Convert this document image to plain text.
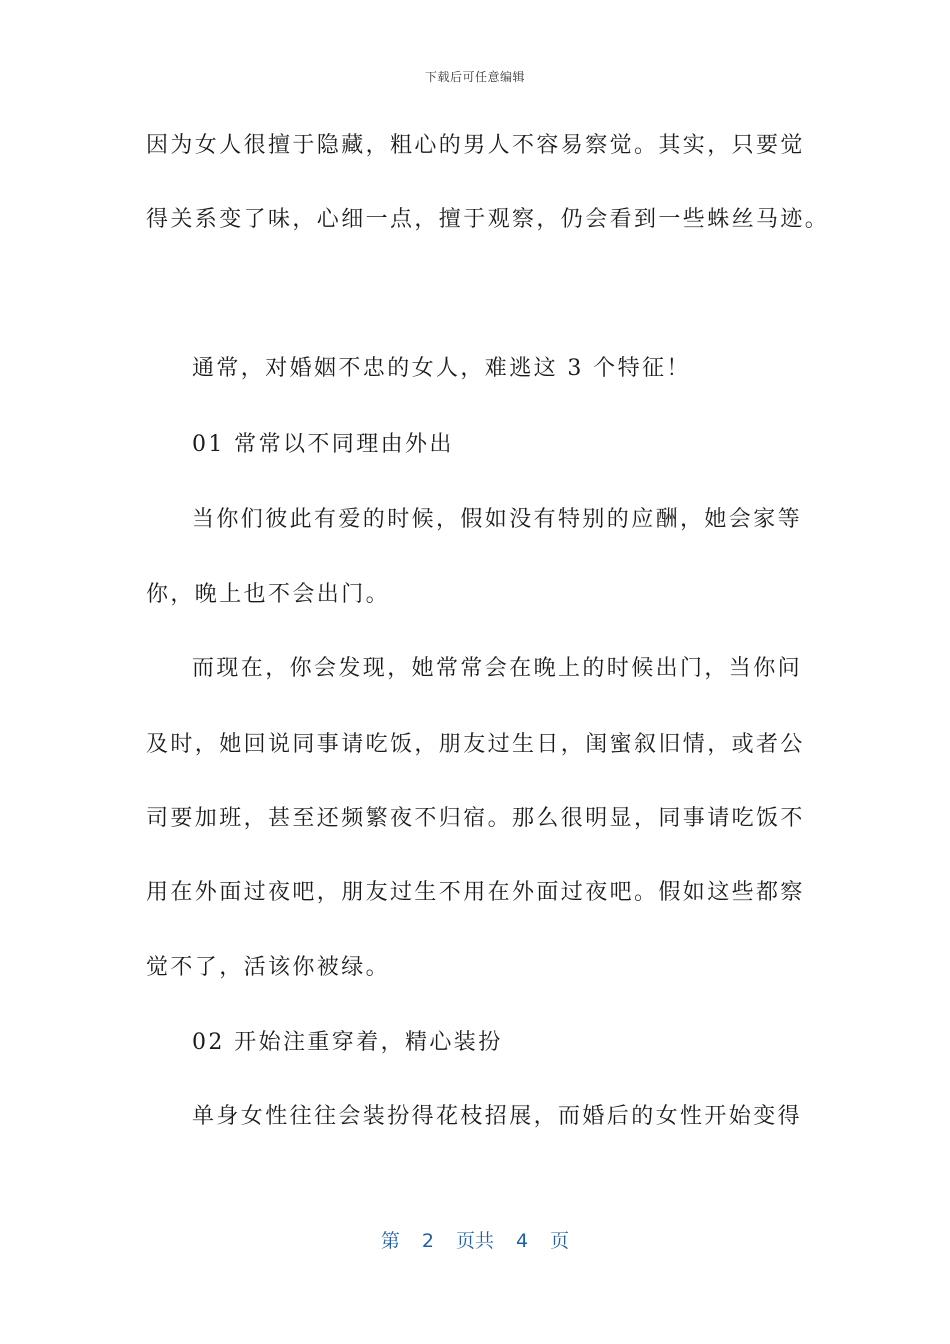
下载后可任意编辑
因为女人很擅于隐藏，粗心的男人不容易察觉。其实，只要觉
得关系变了味，心细一点，擅于观察，仍会看到一些蛛丝马迹。
通常，对婚姻不忠的女人，难逃这 3 个特征！
01 常常以不同理由外出
当你们彼此有爱的时候，假如没有特别的应酬，她会家等
你，晚上也不会出门。
而现在，你会发现，她常常会在晚上的时候出门，当你问
及时，她回说同事请吃饭，朋友过生日，闺蜜叙旧情，或者公
司要加班，甚至还频繁夜不归宿。那么很明显，同事请吃饭不
用在外面过夜吧，朋友过生不用在外面过夜吧。假如这些都察
觉不了，活该你被绿。
02 开始注重穿着，精心装扮
单身女性往往会装扮得花枝招展，而婚后的女性开始变得
第 2 页共 4 页
